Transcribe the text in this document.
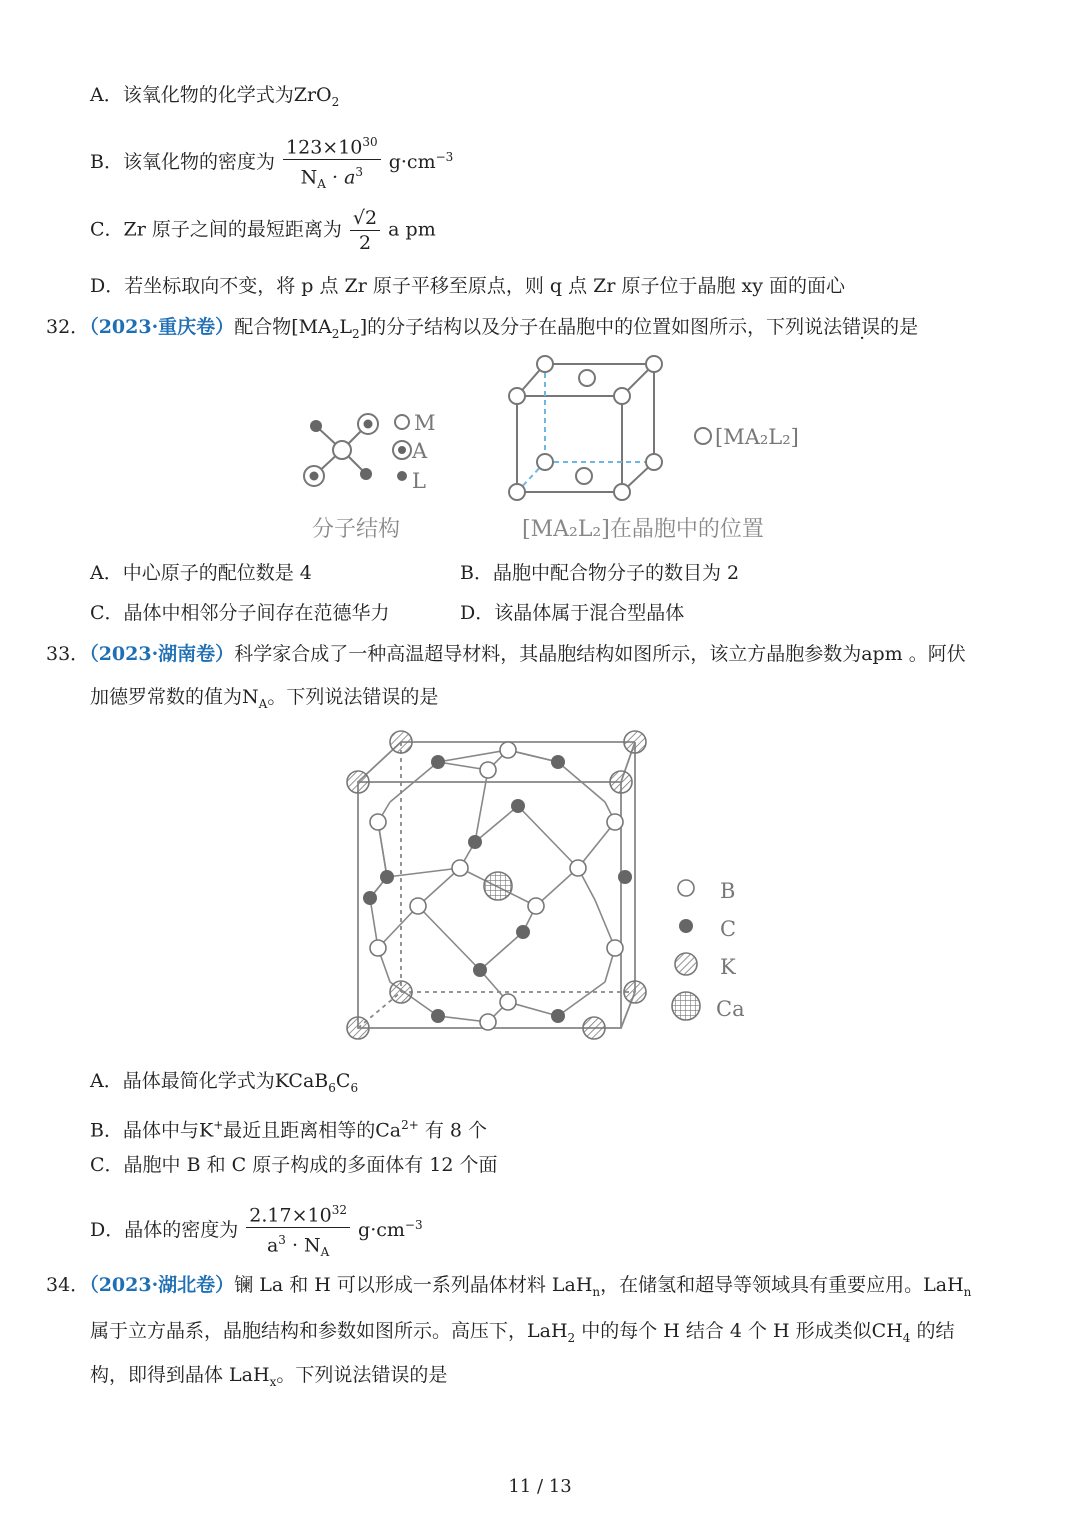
A．该氧化物的化学式为ZrO$_2$
B．该氧化物的密度为 $\frac{123\times 10^{30}}{N_A \cdot a^3} g\cdot cm^{-3}$
C．Zr 原子之间的最短距离为 $\frac{√2}{2}$ a pm
D．若坐标取向不变，将 p 点 Zr 原子平移至原点，则 q 点 Zr 原子位于晶胞 xy 面的面心
32．（2023·重庆卷）配合物$[MA_2L_2]$的分子结构以及分子在晶胞中的位置如图所示，下列说法错误的是
M
A
L
分子结构
[MA₂L₂]
[MA₂L₂]在晶胞中的位置
A．中心原子的配位数是 4	B．晶胞中配合物分子的数目为 2
C．晶体中相邻分子间存在范德华力	D．该晶体属于混合型晶体
33．（2023·湖南卷）科学家合成了一种高温超导材料，其晶胞结构如图所示，该立方晶胞参数为apm 。阿伏
加德罗常数的值为$N_A$。下列说法错误的是
B
C
K
Ca
A．晶体最简化学式为$KCaB_6C_6$
B．晶体中与K+最近且距离相等的$Ca^{2+}$ 有 8 个
C．晶胞中 B 和 C 原子构成的多面体有 12 个面
D．晶体的密度为 $\frac{2.17\times 10^{32}}{a^3 \cdot N_A} g\cdot cm^{-3}$
34．（2023·湖北卷）镧 La 和 H 可以形成一系列晶体材料 LaH$_n$，在储氢和超导等领域具有重要应用。LaH$_n$
属于立方晶系，晶胞结构和参数如图所示。高压下，LaH$_2$ 中的每个 H 结合 4 个 H 形成类似$CH_4$ 的结
构，即得到晶体 LaH$_x$。下列说法错误的是
11 / 13
